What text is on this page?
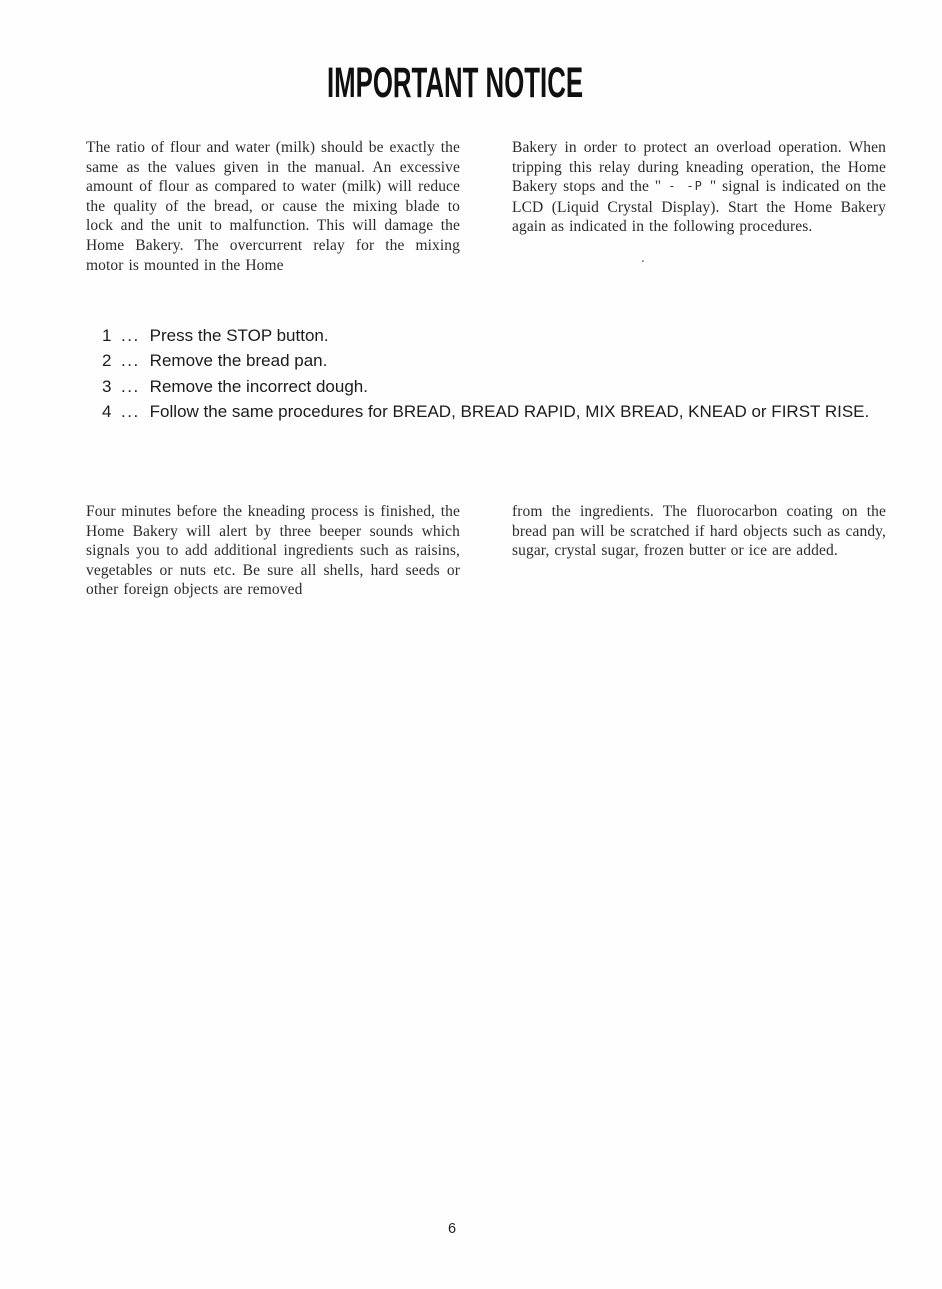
IMPORTANT NOTICE

The ratio of flour and water (milk) should be exactly the same as the values given in the manual. An excessive amount of flour as compared to water (milk) will reduce the quality of the bread, or cause the mixing blade to lock and the unit to malfunction. This will damage the Home Bakery. The overcurrent relay for the mixing motor is mounted in the Home

Bakery in order to protect an overload operation. When tripping this relay during kneading operation, the Home Bakery stops and the " - -P " signal is indicated on the LCD (Liquid Crystal Display). Start the Home Bakery again as indicated in the following procedures.

.
1 ... Press the STOP button.
2 ... Remove the bread pan.
3 ... Remove the incorrect dough.
4 ... Follow the same procedures for BREAD, BREAD RAPID, MIX BREAD, KNEAD or FIRST RISE.

Four minutes before the kneading process is finished, the Home Bakery will alert by three beeper sounds which signals you to add additional ingredients such as raisins, vegetables or nuts etc. Be sure all shells, hard seeds or other foreign objects are removed

from the ingredients. The fluorocarbon coating on the bread pan will be scratched if hard objects such as candy, sugar, crystal sugar, frozen butter or ice are added.

6
